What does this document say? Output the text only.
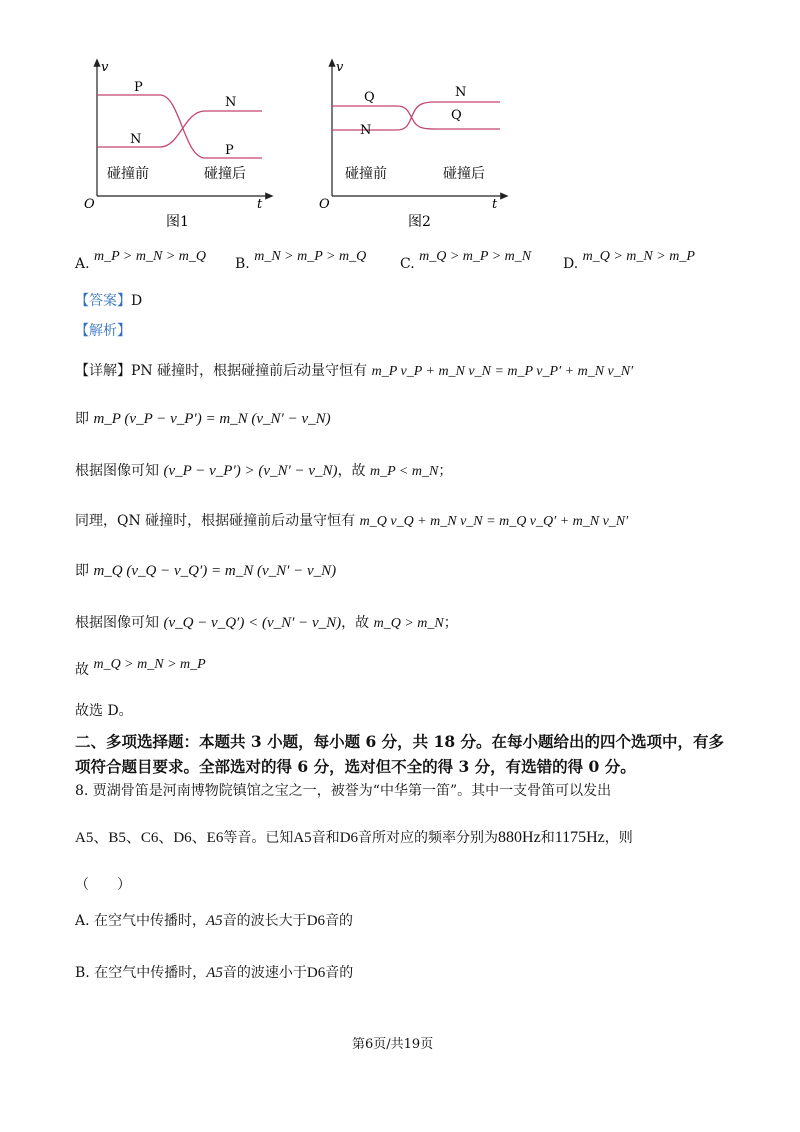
v
t
O
P
N
N
P
碰撞前	碰撞后
图1
v
t
O
Q
N
N
Q
碰撞前	碰撞后
图2
A. m_P > m_N > m_Q B. m_N > m_P > m_Q C. m_Q > m_P > m_N D. m_Q > m_N > m_P
【答案】D
【解析】
【详解】PN 碰撞时，根据碰撞前后动量守恒有 m_P v_P + m_N v_N = m_P v_P′ + m_N v_N′
即 m_P (v_P − v_P′) = m_N (v_N′ − v_N)
根据图像可知 (v_P − v_P′) > (v_N′ − v_N)，故 m_P < m_N；
同理，QN 碰撞时，根据碰撞前后动量守恒有 m_Q v_Q + m_N v_N = m_Q v_Q′ + m_N v_N′
即 m_Q (v_Q − v_Q′) = m_N (v_N′ − v_N)
根据图像可知 (v_Q − v_Q′) < (v_N′ − v_N)，故 m_Q > m_N；
故 m_Q > m_N > m_P
故选 D。
二、多项选择题：本题共 3 小题，每小题 6 分，共 18 分。在每小题给出的四个选项中，有多
项符合题目要求。全部选对的得 6 分，选对但不全的得 3 分，有选错的得 0 分。
8. 贾湖骨笛是河南博物院镇馆之宝之一，被誉为“中华第一笛”。其中一支骨笛可以发出
A5、B5、C6、D6、E6等音。已知A5音和D6音所对应的频率分别为880Hz和1175Hz，则
（　　）
A. 在空气中传播时，A5音的波长大于D6音的
B. 在空气中传播时，A5音的波速小于D6音的
第6页/共19页
